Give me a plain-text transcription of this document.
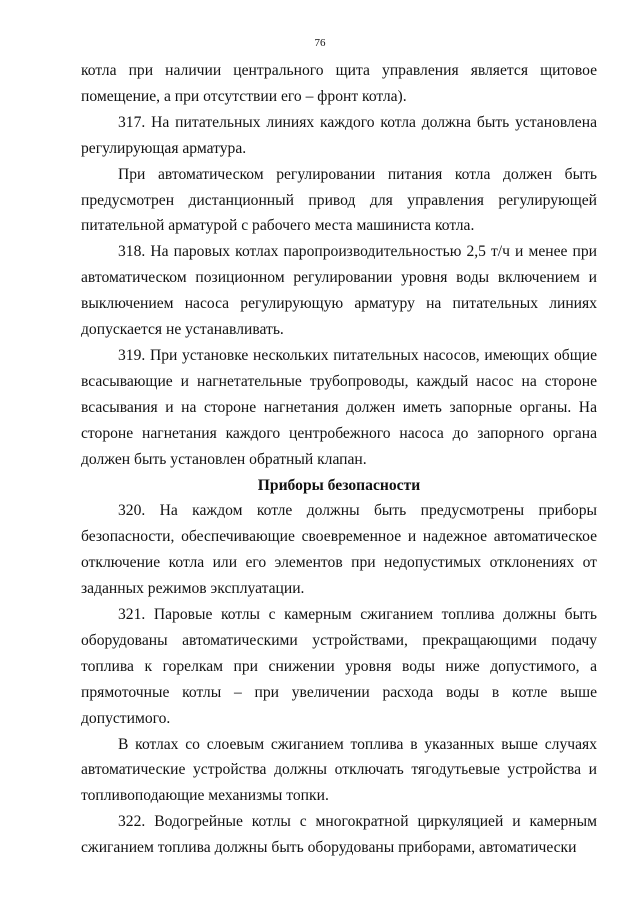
76

котла при наличии центрального щита управления является щитовое помещение, а при отсутствии его – фронт котла).

317. На питательных линиях каждого котла должна быть установлена регулирующая арматура.

При автоматическом регулировании питания котла должен быть предусмотрен дистанционный привод для управления регулирующей питательной арматурой с рабочего места машиниста котла.

318. На паровых котлах паропроизводительностью 2,5 т/ч и менее при автоматическом позиционном регулировании уровня воды включением и выключением насоса регулирующую арматуру на питательных линиях допускается не устанавливать.

319. При установке нескольких питательных насосов, имеющих общие всасывающие и нагнетательные трубопроводы, каждый насос на стороне всасывания и на стороне нагнетания должен иметь запорные органы. На стороне нагнетания каждого центробежного насоса до запорного органа должен быть установлен обратный клапан.

Приборы безопасности

320. На каждом котле должны быть предусмотрены приборы безопасности, обеспечивающие своевременное и надежное автоматическое отключение котла или его элементов при недопустимых отклонениях от заданных режимов эксплуатации.

321. Паровые котлы с камерным сжиганием топлива должны быть оборудованы автоматическими устройствами, прекращающими подачу топлива к горелкам при снижении уровня воды ниже допустимого, а прямоточные котлы – при увеличении расхода воды в котле выше допустимого.

В котлах со слоевым сжиганием топлива в указанных выше случаях автоматические устройства должны отключать тягодутьевые устройства и топливоподающие механизмы топки.

322. Водогрейные котлы с многократной циркуляцией и камерным сжиганием топлива должны быть оборудованы приборами, автоматически
